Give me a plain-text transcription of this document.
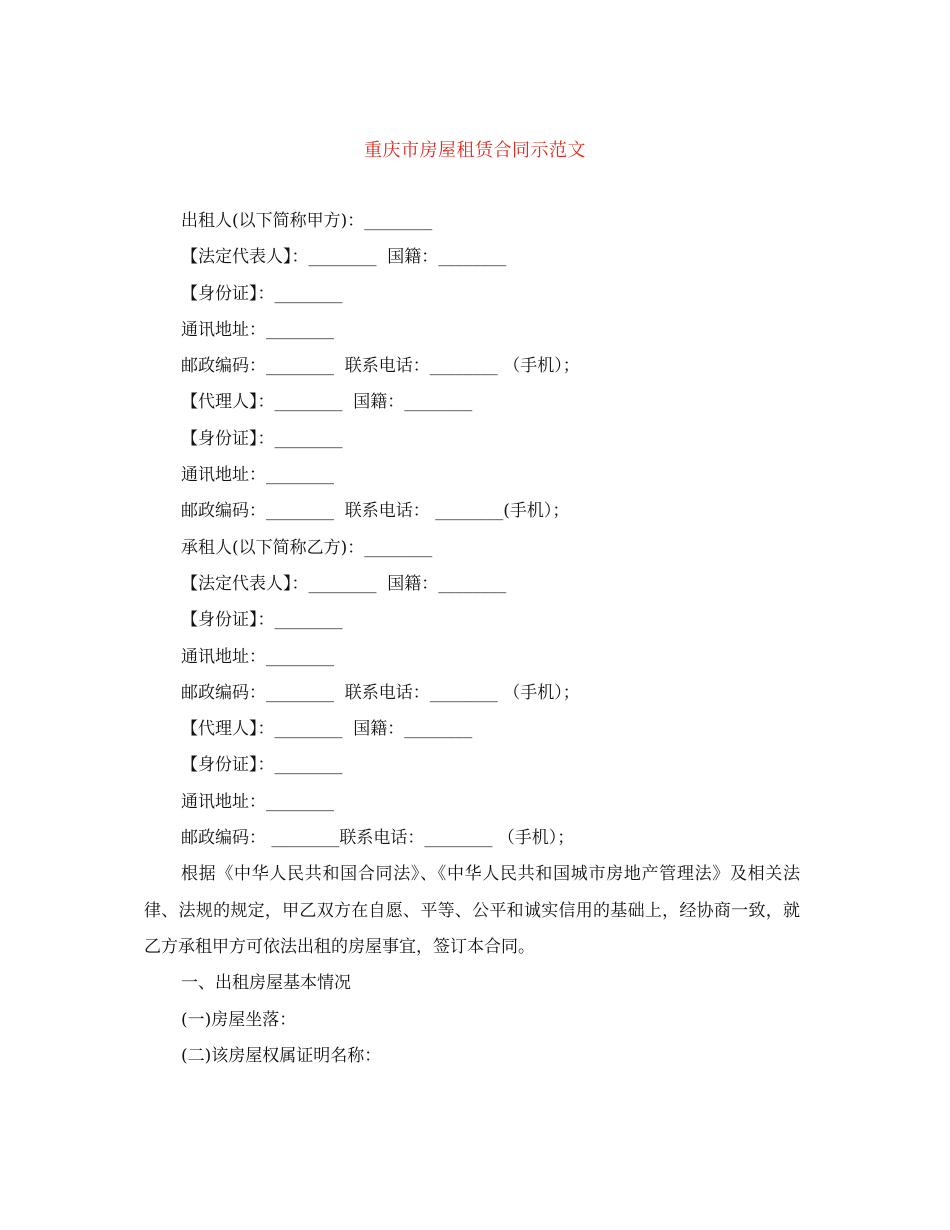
重庆市房屋租赁合同示范文
出租人(以下简称甲方)：________
【法定代表人】：________  国籍：________
【身份证】：________
通讯地址：________
邮政编码：________  联系电话：________ （手机）；
【代理人】：________  国籍：________
【身份证】：________
通讯地址：________
邮政编码：________  联系电话： ________(手机）；
承租人(以下简称乙方)：________
【法定代表人】：________  国籍：________
【身份证】：________
通讯地址：________
邮政编码：________  联系电话：________ （手机）；
【代理人】：________  国籍：________
【身份证】：________
通讯地址：________
邮政编码： ________联系电话：________ （手机）；
根据《中华人民共和国合同法》、《中华人民共和国城市房地产管理法》及相关法律、法规的规定，甲乙双方在自愿、平等、公平和诚实信用的基础上，经协商一致，就乙方承租甲方可依法出租的房屋事宜，签订本合同。
一、出租房屋基本情况
(一)房屋坐落：
(二)该房屋权属证明名称：
